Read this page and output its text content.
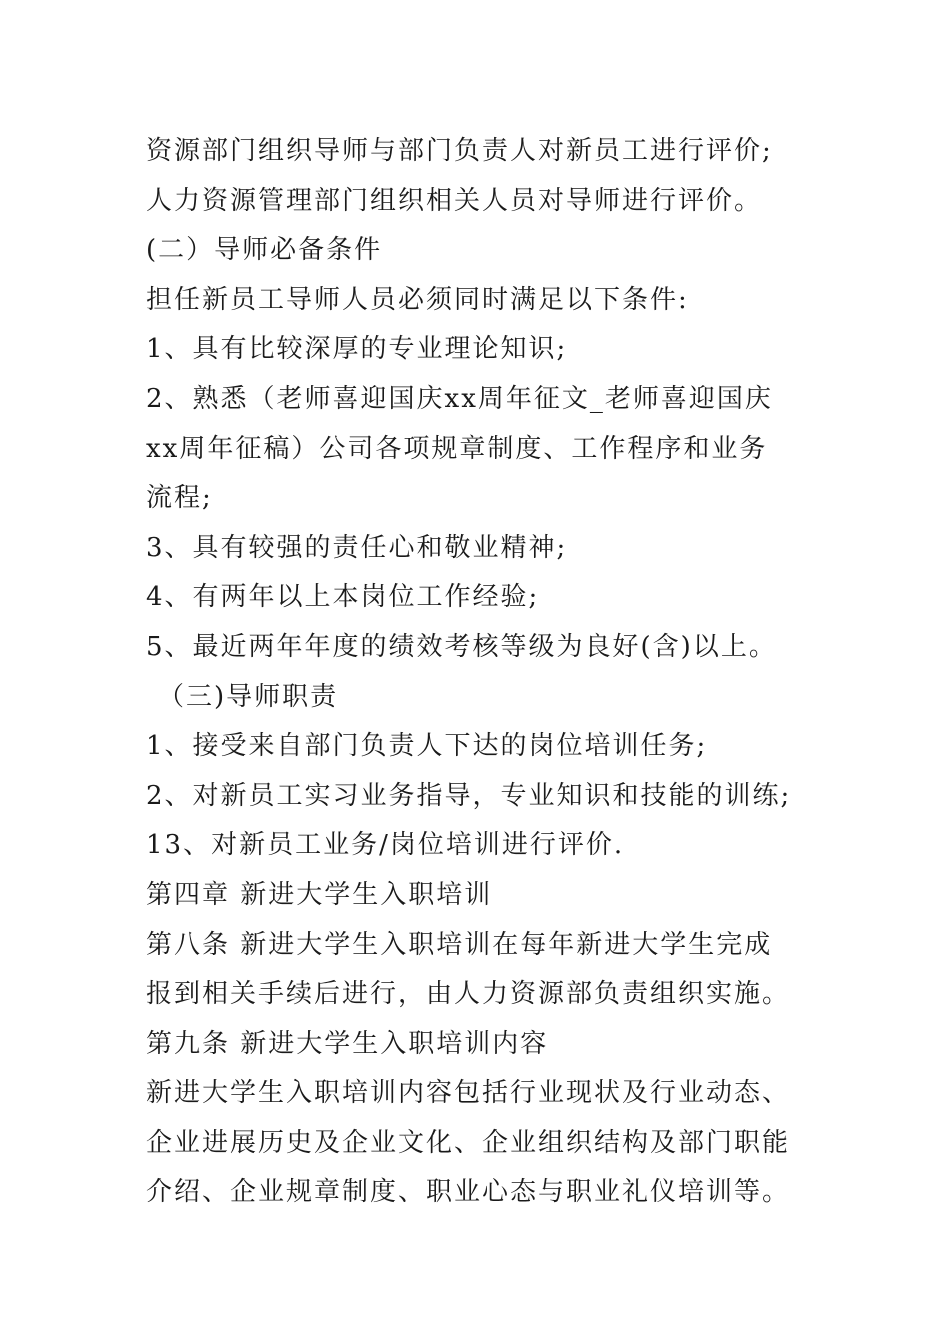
资源部门组织导师与部门负责人对新员工进行评价;
人力资源管理部门组织相关人员对导师进行评价。
(二）导师必备条件
担任新员工导师人员必须同时满足以下条件:
1、具有比较深厚的专业理论知识;
2、熟悉（老师喜迎国庆xx周年征文_老师喜迎国庆
xx周年征稿）公司各项规章制度、工作程序和业务
流程;
3、具有较强的责任心和敬业精神;
4、有两年以上本岗位工作经验;
5、最近两年年度的绩效考核等级为良好(含)以上。
（三)导师职责
1、接受来自部门负责人下达的岗位培训任务;
2、对新员工实习业务指导，专业知识和技能的训练;
13、对新员工业务/岗位培训进行评价.
第四章 新进大学生入职培训
第八条 新进大学生入职培训在每年新进大学生完成
报到相关手续后进行，由人力资源部负责组织实施。
第九条 新进大学生入职培训内容
新进大学生入职培训内容包括行业现状及行业动态、
企业进展历史及企业文化、企业组织结构及部门职能
介绍、企业规章制度、职业心态与职业礼仪培训等。
